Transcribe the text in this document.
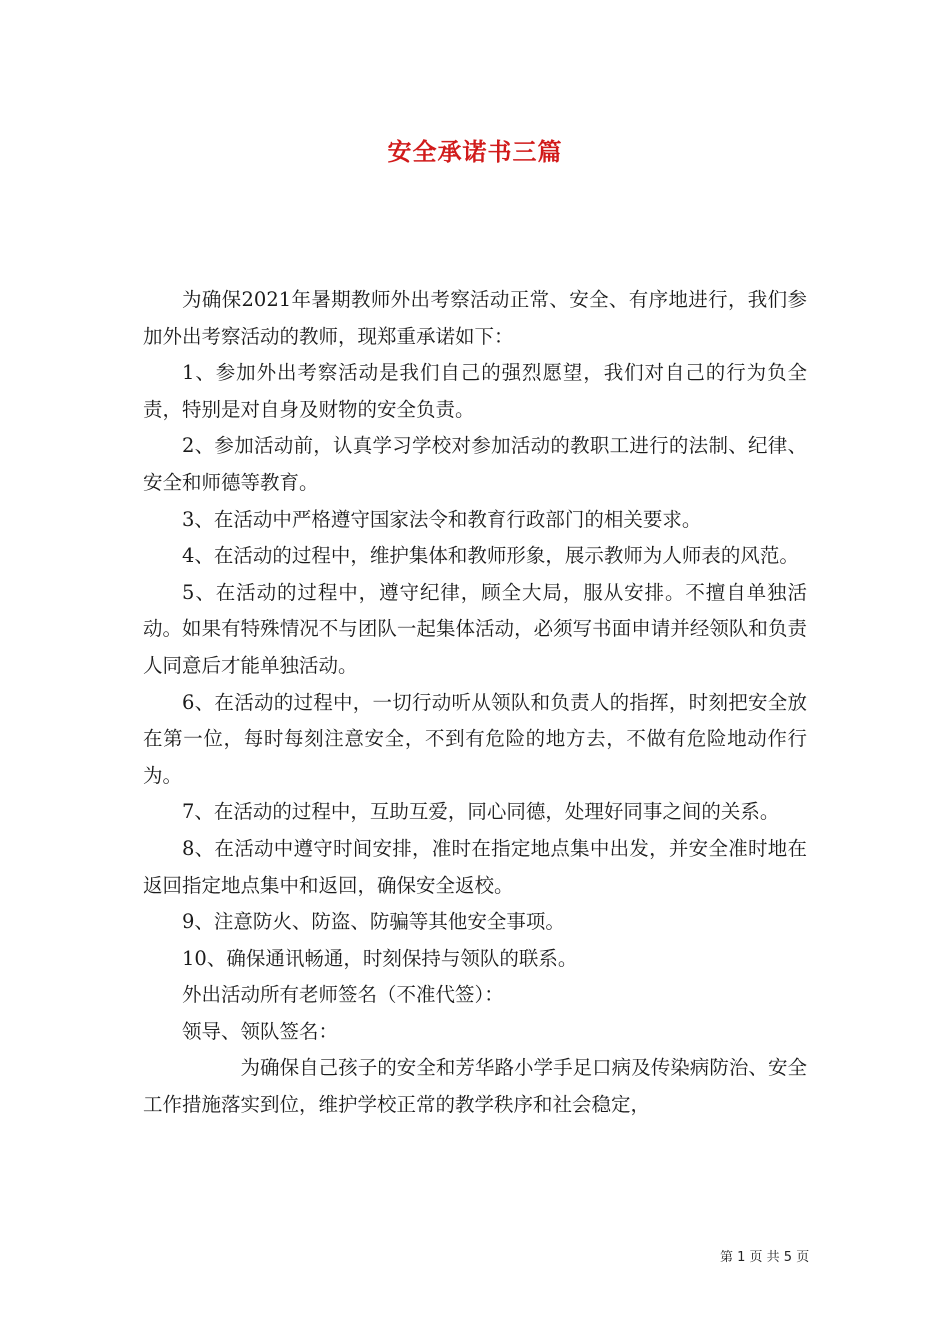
安全承诺书三篇

为确保2021年暑期教师外出考察活动正常、安全、有序地进行，我们参加外出考察活动的教师，现郑重承诺如下：

1、参加外出考察活动是我们自己的强烈愿望，我们对自己的行为负全责，特别是对自身及财物的安全负责。

2、参加活动前，认真学习学校对参加活动的教职工进行的法制、纪律、安全和师德等教育。

3、在活动中严格遵守国家法令和教育行政部门的相关要求。

4、在活动的过程中，维护集体和教师形象，展示教师为人师表的风范。

5、在活动的过程中，遵守纪律，顾全大局，服从安排。不擅自单独活动。如果有特殊情况不与团队一起集体活动，必须写书面申请并经领队和负责人同意后才能单独活动。

6、在活动的过程中，一切行动听从领队和负责人的指挥，时刻把安全放在第一位，每时每刻注意安全，不到有危险的地方去，不做有危险地动作行为。

7、在活动的过程中，互助互爱，同心同德，处理好同事之间的关系。

8、在活动中遵守时间安排，准时在指定地点集中出发，并安全准时地在返回指定地点集中和返回，确保安全返校。

9、注意防火、防盗、防骗等其他安全事项。

10、确保通讯畅通，时刻保持与领队的联系。

外出活动所有老师签名（不准代签）：

领导、领队签名：

为确保自己孩子的安全和芳华路小学手足口病及传染病防治、安全工作措施落实到位，维护学校正常的教学秩序和社会稳定，

第 1 页 共 5 页
